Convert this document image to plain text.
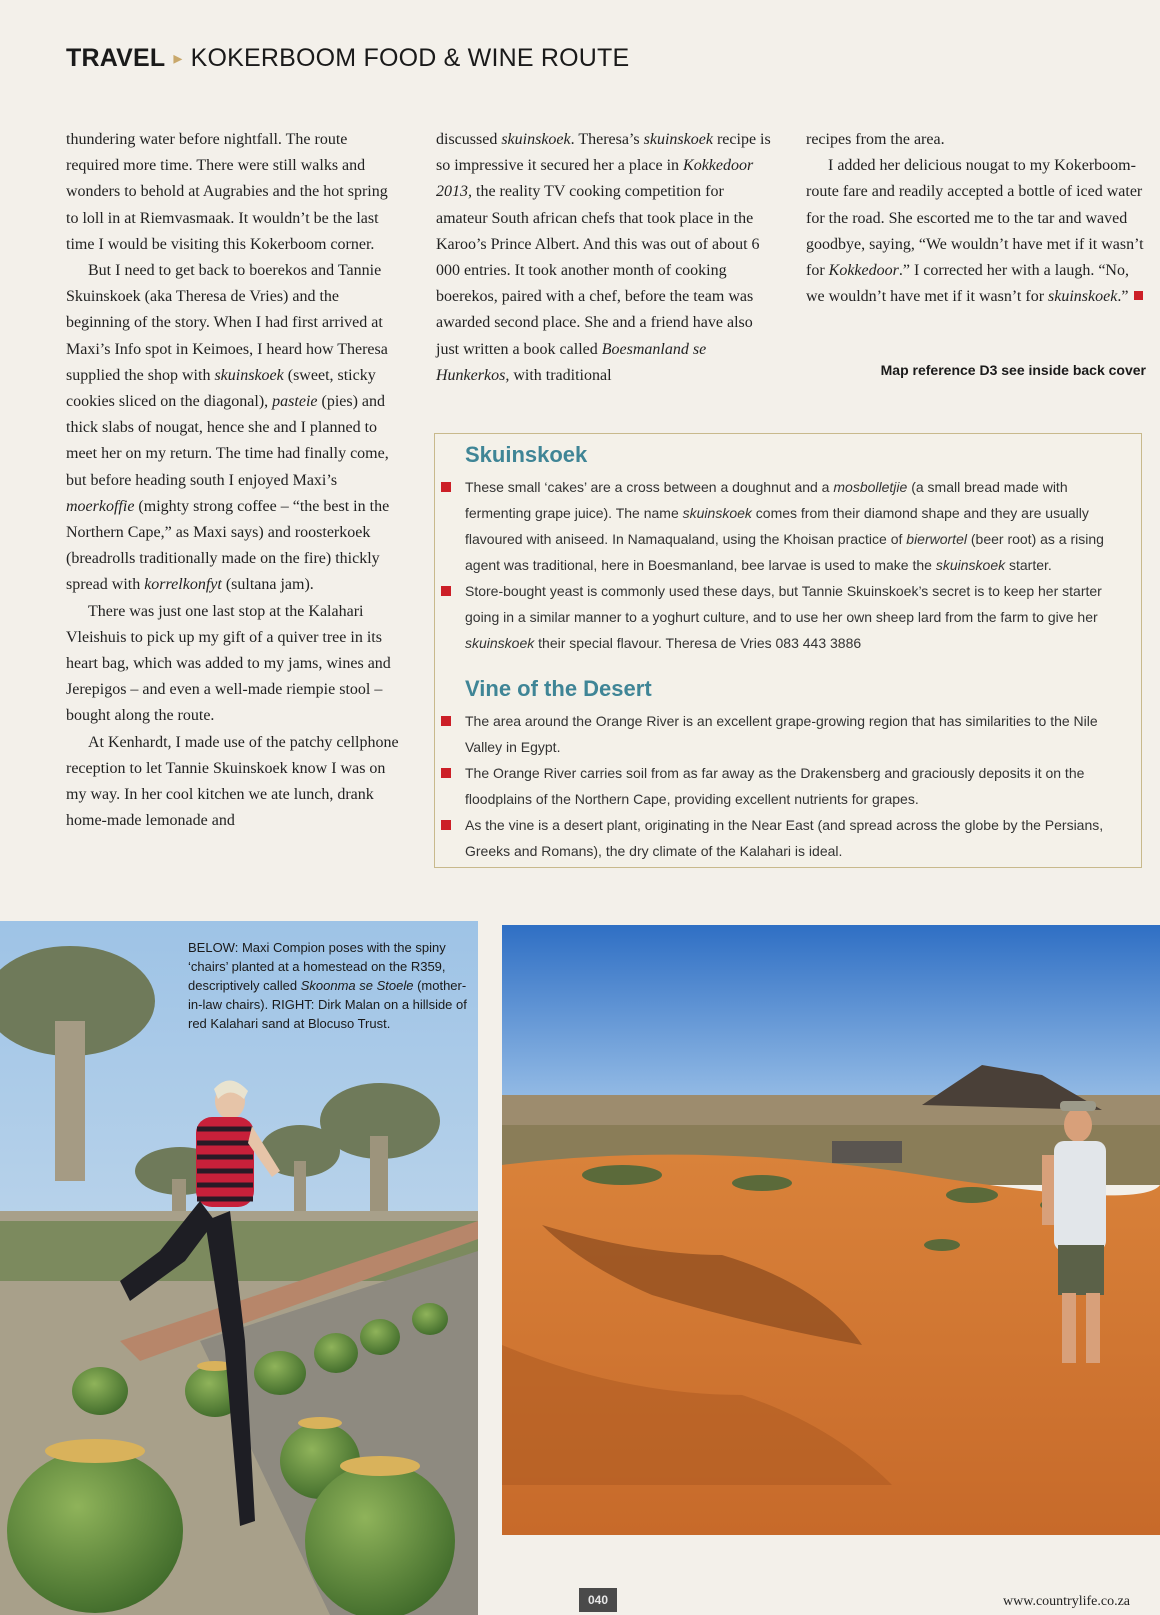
TRAVEL ▸ KOKERBOOM FOOD & WINE ROUTE

thundering water before nightfall. The route required more time. There were still walks and wonders to behold at Augrabies and the hot spring to loll in at Riemvasmaak. It wouldn’t be the last time I would be visiting this Kokerboom corner.

But I need to get back to boerekos and Tannie Skuinskoek (aka Theresa de Vries) and the beginning of the story. When I had first arrived at Maxi’s Info spot in Keimoes, I heard how Theresa supplied the shop with skuinskoek (sweet, sticky cookies sliced on the diagonal), pasteie (pies) and thick slabs of nougat, hence she and I planned to meet her on my return. The time had finally come, but before heading south I enjoyed Maxi’s moerkoffie (mighty strong coffee – “the best in the Northern Cape,” as Maxi says) and roosterkoek (breadrolls traditionally made on the fire) thickly spread with korrelkonfyt (sultana jam).

There was just one last stop at the Kalahari Vleishuis to pick up my gift of a quiver tree in its heart bag, which was added to my jams, wines and Jerepigos – and even a well-made riempie stool – bought along the route.

At Kenhardt, I made use of the patchy cellphone reception to let Tannie Skuinskoek know I was on my way. In her cool kitchen we ate lunch, drank home-made lemonade and

discussed skuinskoek. Theresa’s skuinskoek recipe is so impressive it secured her a place in Kokkedoor 2013, the reality TV cooking competition for amateur South african chefs that took place in the Karoo’s Prince Albert. And this was out of about 6 000 entries. It took another month of cooking boerekos, paired with a chef, before the team was awarded second place. She and a friend have also just written a book called Boesmanland se Hunkerkos, with traditional

recipes from the area.

I added her delicious nougat to my Kokerboom-route fare and readily accepted a bottle of iced water for the road. She escorted me to the tar and waved goodbye, saying, “We wouldn’t have met if it wasn’t for Kokkedoor.” I corrected her with a laugh. “No, we wouldn’t have met if it wasn’t for skuinskoek.”

Map reference D3 see inside back cover
Skuinskoek
These small ‘cakes’ are a cross between a doughnut and a mosbolletjie (a small bread made with fermenting grape juice). The name skuinskoek comes from their diamond shape and they are usually flavoured with aniseed. In Namaqualand, using the Khoisan practice of bierwortel (beer root) as a rising agent was traditional, here in Boesmanland, bee larvae is used to make the skuinskoek starter.
Store-bought yeast is commonly used these days, but Tannie Skuinskoek’s secret is to keep her starter going in a similar manner to a yoghurt culture, and to use her own sheep lard from the farm to give her skuinskoek their special flavour. Theresa de Vries 083 443 3886
Vine of the Desert
The area around the Orange River is an excellent grape-growing region that has similarities to the Nile Valley in Egypt.
The Orange River carries soil from as far away as the Drakensberg and graciously deposits it on the floodplains of the Northern Cape, providing excellent nutrients for grapes.
As the vine is a desert plant, originating in the Near East (and spread across the globe by the Persians, Greeks and Romans), the dry climate of the Kalahari is ideal.
BELOW: Maxi Compion poses with the spiny ‘chairs’ planted at a homestead on the R359, descriptively called Skoonma se Stoele (mother-in-law chairs). RIGHT: Dirk Malan on a hillside of red Kalahari sand at Blocuso Trust.
040	www.countrylife.co.za
